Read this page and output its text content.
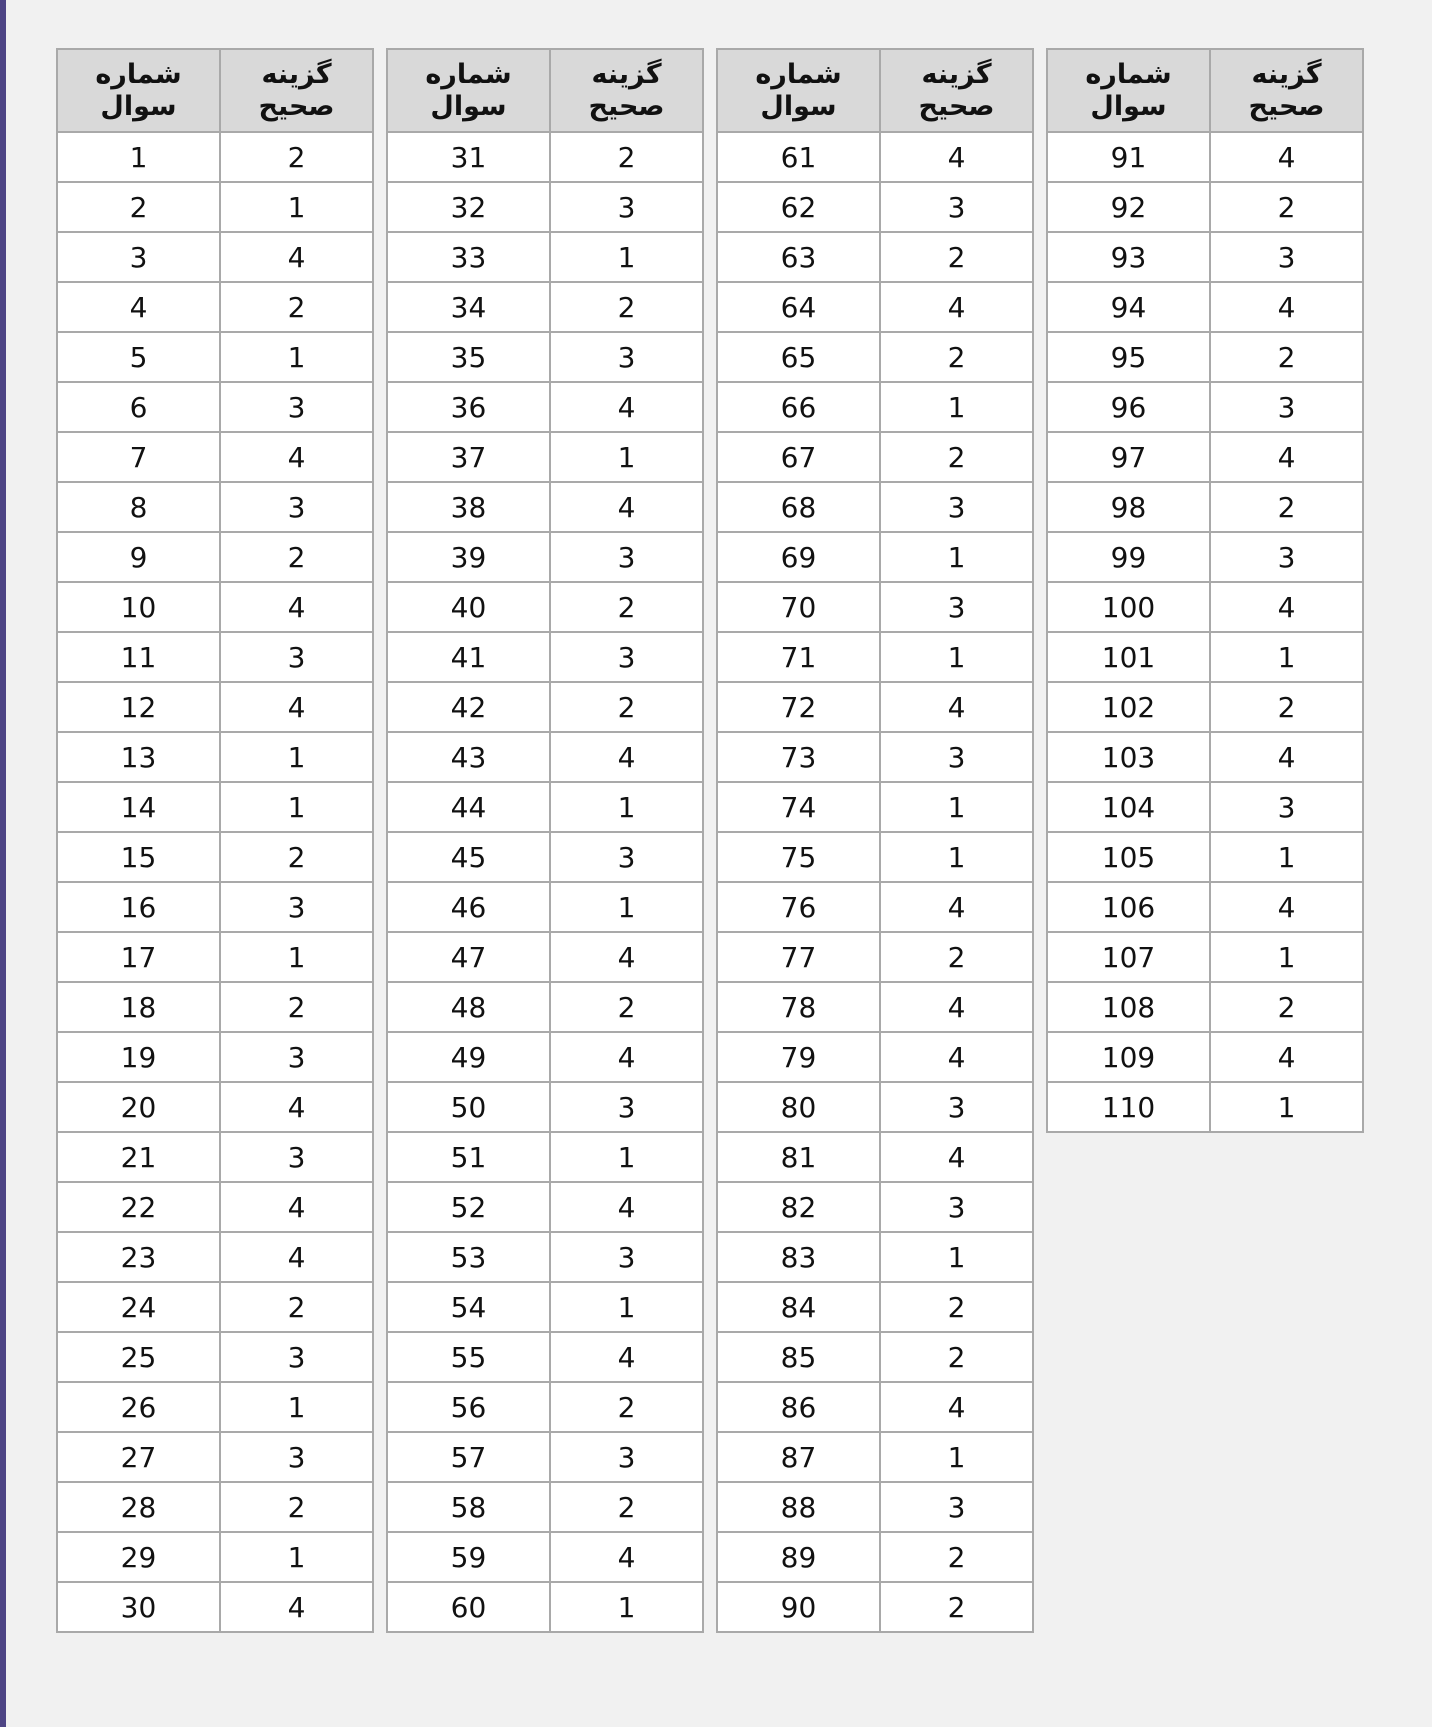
شماره سوال	گزینه صحیح
1	2
2	1
3	4
4	2
5	1
6	3
7	4
8	3
9	2
10	4
11	3
12	4
13	1
14	1
15	2
16	3
17	1
18	2
19	3
20	4
21	3
22	4
23	4
24	2
25	3
26	1
27	3
28	2
29	1
30	4
شماره سوال	گزینه صحیح
31	2
32	3
33	1
34	2
35	3
36	4
37	1
38	4
39	3
40	2
41	3
42	2
43	4
44	1
45	3
46	1
47	4
48	2
49	4
50	3
51	1
52	4
53	3
54	1
55	4
56	2
57	3
58	2
59	4
60	1
شماره سوال	گزینه صحیح
61	4
62	3
63	2
64	4
65	2
66	1
67	2
68	3
69	1
70	3
71	1
72	4
73	3
74	1
75	1
76	4
77	2
78	4
79	4
80	3
81	4
82	3
83	1
84	2
85	2
86	4
87	1
88	3
89	2
90	2
شماره سوال	گزینه صحیح
91	4
92	2
93	3
94	4
95	2
96	3
97	4
98	2
99	3
100	4
101	1
102	2
103	4
104	3
105	1
106	4
107	1
108	2
109	4
110	1
